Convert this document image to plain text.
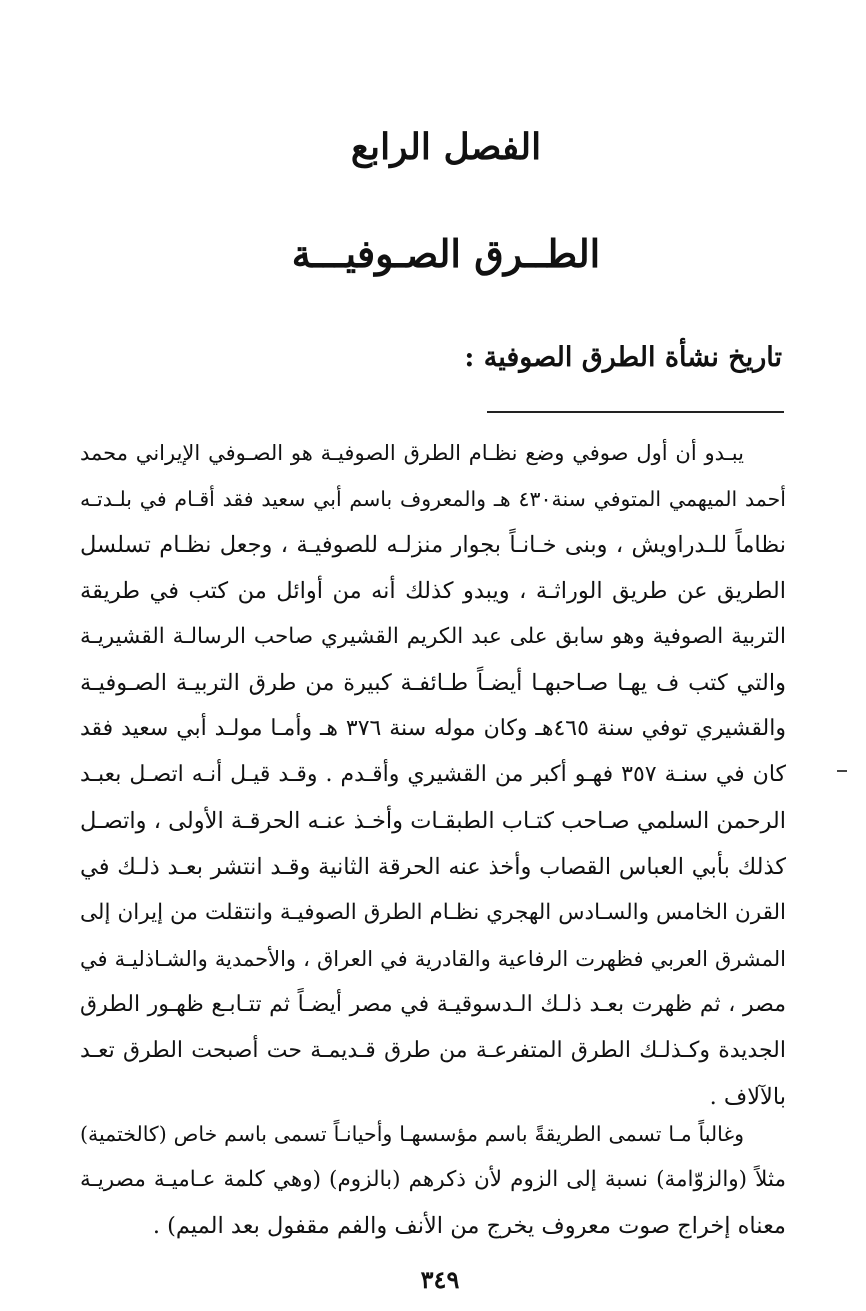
الفصل الرابع
الطــرق الصـوفيـــة
تاريخ نشأة الطرق الصوفية :
يبـدو أن أول صوفي وضع نظـام الطرق الصوفيـة هو الصـوفي الإيراني محمد
أحمد الميهمي المتوفي سنة٤٣٠ هـ والمعروف باسم أبي سعيد فقد أقـام في بلـدتـه
نظاماً للـدراويش ، وبنى خـانـاً بجوار منزلـه للصوفيـة ، وجعل نظـام تسلسل
الطريق عن طريق الوراثـة ، ويبدو كذلك أنه من أوائل من كتب في طريقة
التربية الصوفية وهو سابق على عبد الكريم القشيري صاحب الرسالـة القشيريـة
والتي كتب ف يهـا صـاحبهـا أيضـاً طـائفـة كبيرة من طرق التربيـة الصـوفيـة
والقشيري توفي سنة ٤٦٥هـ وكان موله سنة ٣٧٦ هـ وأمـا مولـد أبي سعيد فقد
كان في سنـة ٣٥٧ فهـو أكبر من القشيري وأقـدم . وقـد قيـل أنـه اتصـل بعبـد
الرحمن السلمي صـاحب كتـاب الطبقـات وأخـذ عنـه الحرقـة الأولى ، واتصـل
كذلك بأبي العباس القصاب وأخذ عنه الحرقة الثانية وقـد انتشر بعـد ذلـك في
القرن الخامس والسـادس الهجري نظـام الطرق الصوفيـة وانتقلت من إيران إلى
المشرق العربي فظهرت الرفاعية والقادرية في العراق ، والأحمدية والشـاذليـة في
مصر ، ثم ظهرت بعـد ذلـك الـدسوقيـة في مصر أيضـاً ثم تتـابـع ظهـور الطرق
الجديدة وكـذلـك الطرق المتفرعـة من طرق قـديمـة حت أصبحت الطرق تعـد
بالآلاف .
وغالباً مـا تسمى الطريقةً باسم مؤسسهـا وأحيانـاً تسمى باسم خاص (كالختمية)
مثلاً (والزوّامة) نسبة إلى الزوم لأن ذكرهم (بالزوم) (وهي كلمة عـاميـة مصريـة
معناه إخراج صوت معروف يخرج من الأنف والفم مقفول بعد الميم) .
٣٤٩
